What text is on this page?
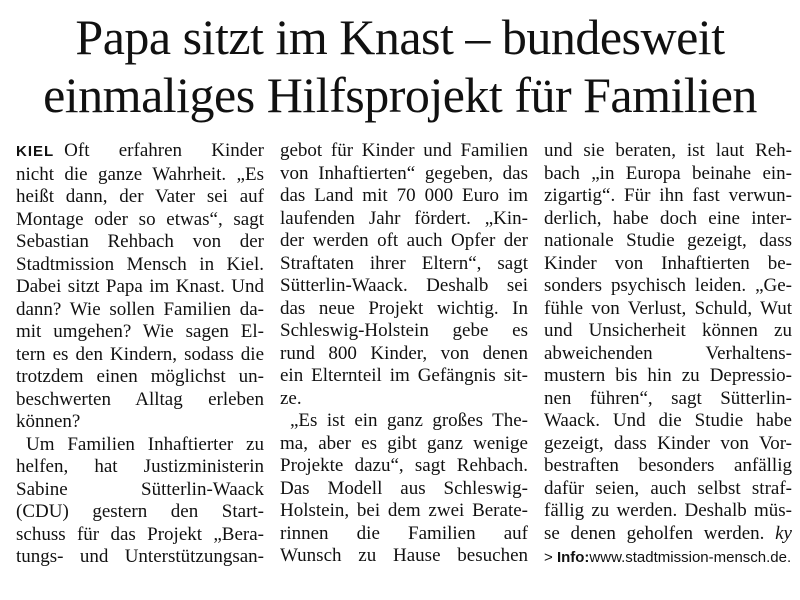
Papa sitzt im Knast – bundesweit
einmaliges Hilfsprojekt für Familien
KIEL Oft erfahren Kinder
nicht die ganze Wahrheit. „Es
heißt dann, der Vater sei auf
Montage oder so etwas“, sagt
Sebastian Rehbach von der
Stadtmission Mensch in Kiel.
Dabei sitzt Papa im Knast. Und
dann? Wie sollen Familien da-
mit umgehen? Wie sagen El-
tern es den Kindern, sodass die
trotzdem einen möglichst un-
beschwerten Alltag erleben
können?
Um Familien Inhaftierter zu
helfen, hat Justizministerin
Sabine Sütterlin-Waack
(CDU) gestern den Start-
schuss für das Projekt „Bera-
tungs- und Unterstützungsan-
gebot für Kinder und Familien
von Inhaftierten“ gegeben, das
das Land mit 70 000 Euro im
laufenden Jahr fördert. „Kin-
der werden oft auch Opfer der
Straftaten ihrer Eltern“, sagt
Sütterlin-Waack. Deshalb sei
das neue Projekt wichtig. In
Schleswig-Holstein gebe es
rund 800 Kinder, von denen
ein Elternteil im Gefängnis sit-
ze.
„Es ist ein ganz großes The-
ma, aber es gibt ganz wenige
Projekte dazu“, sagt Rehbach.
Das Modell aus Schleswig-
Holstein, bei dem zwei Berate-
rinnen die Familien auf
Wunsch zu Hause besuchen
und sie beraten, ist laut Reh-
bach „in Europa beinahe ein-
zigartig“. Für ihn fast verwun-
derlich, habe doch eine inter-
nationale Studie gezeigt, dass
Kinder von Inhaftierten be-
sonders psychisch leiden. „Ge-
fühle von Verlust, Schuld, Wut
und Unsicherheit können zu
abweichenden Verhaltens-
mustern bis hin zu Depressio-
nen führen“, sagt Sütterlin-
Waack. Und die Studie habe
gezeigt, dass Kinder von Vor-
bestraften besonders anfällig
dafür seien, auch selbst straf-
fällig zu werden. Deshalb müs-
se denen geholfen werden. ky
> Info:www.stadtmission-mensch.de.
